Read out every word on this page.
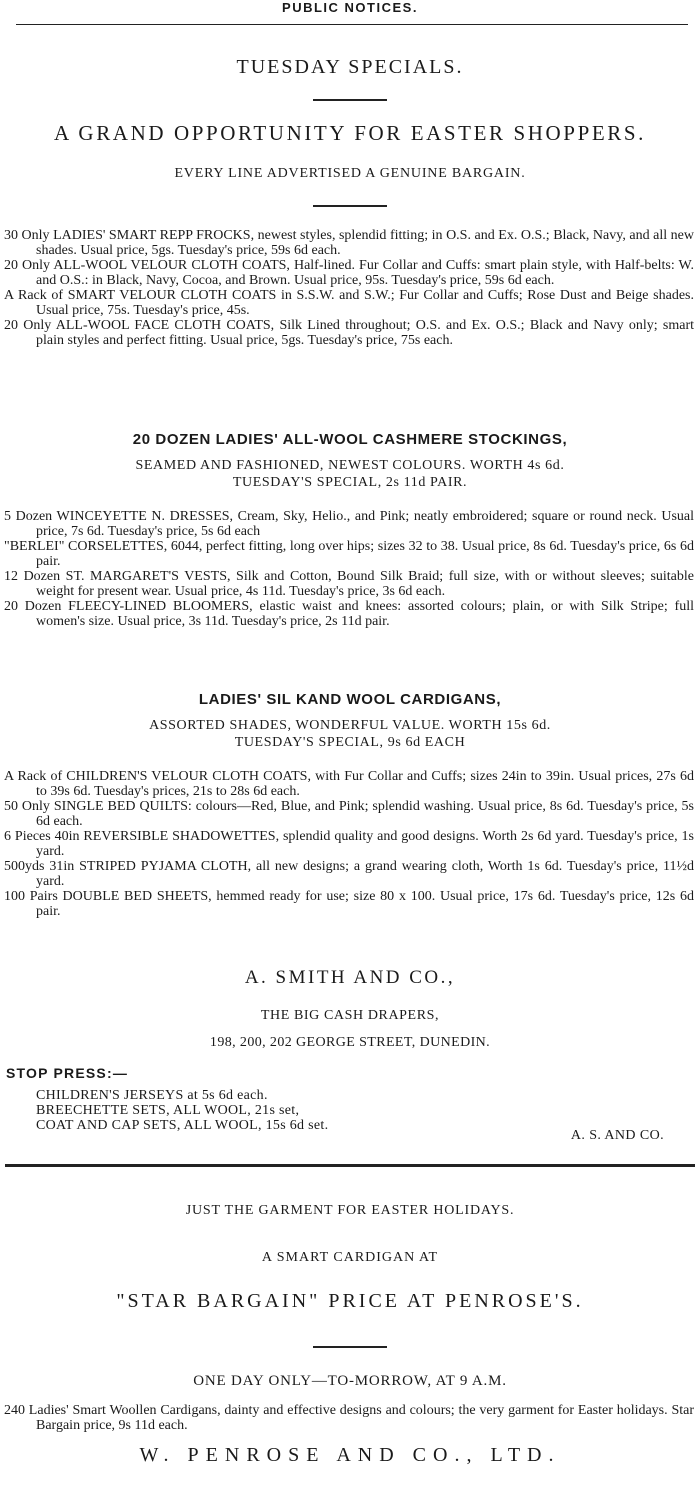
PUBLIC NOTICES.
TUESDAY SPECIALS.
A GRAND OPPORTUNITY FOR EASTER SHOPPERS.
EVERY LINE ADVERTISED A GENUINE BARGAIN.

30 Only LADIES' SMART REPP FROCKS, newest styles, splendid fitting; in O.S. and Ex. O.S.; Black, Navy, and all new shades. Usual price, 5gs. Tuesday's price, 59s 6d each.

20 Only ALL-WOOL VELOUR CLOTH COATS, Half-lined. Fur Collar and Cuffs: smart plain style, with Half-belts: W. and O.S.: in Black, Navy, Cocoa, and Brown. Usual price, 95s. Tuesday's price, 59s 6d each.

A Rack of SMART VELOUR CLOTH COATS in S.S.W. and S.W.; Fur Collar and Cuffs; Rose Dust and Beige shades. Usual price, 75s. Tuesday's price, 45s.

20 Only ALL-WOOL FACE CLOTH COATS, Silk Lined throughout; O.S. and Ex. O.S.; Black and Navy only; smart plain styles and perfect fitting. Usual price, 5gs. Tuesday's price, 75s each.

20 DOZEN LADIES' ALL-WOOL CASHMERE STOCKINGS,
SEAMED AND FASHIONED, NEWEST COLOURS. WORTH 4s 6d.
TUESDAY'S SPECIAL, 2s 11d PAIR.

5 Dozen WINCEYETTE N. DRESSES, Cream, Sky, Helio., and Pink; neatly embroidered; square or round neck. Usual price, 7s 6d. Tuesday's price, 5s 6d each

"BERLEI" CORSELETTES, 6044, perfect fitting, long over hips; sizes 32 to 38. Usual price, 8s 6d. Tuesday's price, 6s 6d pair.

12 Dozen ST. MARGARET'S VESTS, Silk and Cotton, Bound Silk Braid; full size, with or without sleeves; suitable weight for present wear. Usual price, 4s 11d. Tuesday's price, 3s 6d each.

20 Dozen FLEECY-LINED BLOOMERS, elastic waist and knees: assorted colours; plain, or with Silk Stripe; full women's size. Usual price, 3s 11d. Tuesday's price, 2s 11d pair.

LADIES' SIL KAND WOOL CARDIGANS,
ASSORTED SHADES, WONDERFUL VALUE. WORTH 15s 6d.
TUESDAY'S SPECIAL, 9s 6d EACH

A Rack of CHILDREN'S VELOUR CLOTH COATS, with Fur Collar and Cuffs; sizes 24in to 39in. Usual prices, 27s 6d to 39s 6d. Tuesday's prices, 21s to 28s 6d each.

50 Only SINGLE BED QUILTS: colours—Red, Blue, and Pink; splendid washing. Usual price, 8s 6d. Tuesday's price, 5s 6d each.

6 Pieces 40in REVERSIBLE SHADOWETTES, splendid quality and good designs. Worth 2s 6d yard. Tuesday's price, 1s yard.

500yds 31in STRIPED PYJAMA CLOTH, all new designs; a grand wearing cloth, Worth 1s 6d. Tuesday's price, 11½d yard.

100 Pairs DOUBLE BED SHEETS, hemmed ready for use; size 80 x 100. Usual price, 17s 6d. Tuesday's price, 12s 6d pair.

A. SMITH AND CO.,
THE BIG CASH DRAPERS,
198, 200, 202 GEORGE STREET, DUNEDIN.
STOP PRESS:—
CHILDREN'S JERSEYS at 5s 6d each.
BREECHETTE SETS, ALL WOOL, 21s set,
COAT AND CAP SETS, ALL WOOL, 15s 6d set.
A. S. AND CO.
JUST THE GARMENT FOR EASTER HOLIDAYS.
A SMART CARDIGAN AT
"STAR BARGAIN" PRICE AT PENROSE'S.
ONE DAY ONLY—TO-MORROW, AT 9 A.M.

240 Ladies' Smart Woollen Cardigans, dainty and effective designs and colours; the very garment for Easter holidays. Star Bargain price, 9s 11d each.

W. PENROSE AND CO., LTD.
